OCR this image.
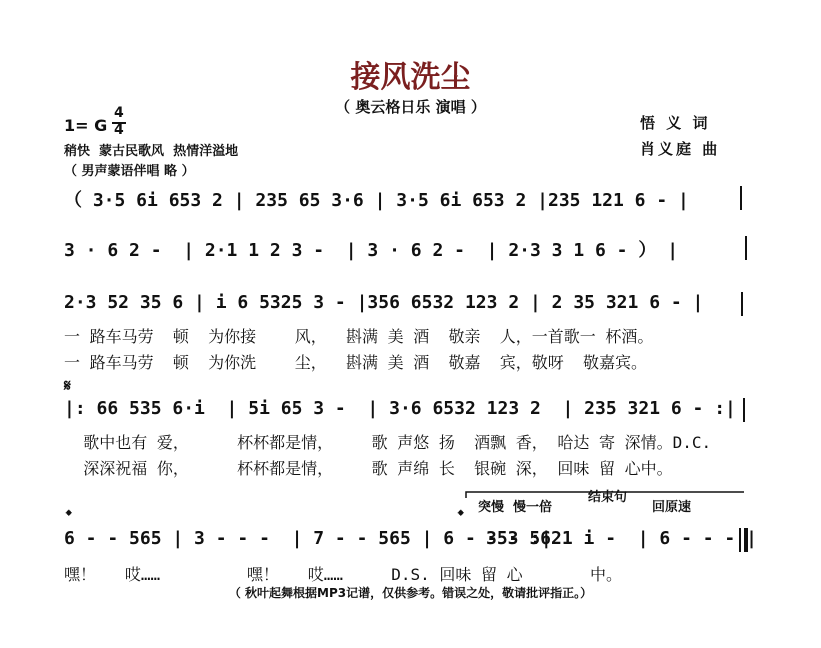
接风洗尘
（ 奥云格日乐 演唱 ）
1= G
4
4
稍快  蒙古民歌风  热情洋溢地
（ 男声蒙语伴唱 略 ）
悟 义 词
肖义庭 曲
（ 3·5 6i 653 2 | 235 65 3·6 | 3·5 6i 653 2 |235 121 6 - |
3 · 6 2 -  | 2·1 1 2 3 -  | 3 · 6 2 -  | 2·3 3 1 6 - ） |
2·3 52 35 6 | i 6 5325 3 - |356 6532 123 2 | 2 35 321 6 - |
一 路车马劳  顿  为你接    风，  斟满 美 酒  敬亲  人，一首歌一 杯酒。
一 路车马劳  顿  为你洗    尘，  斟满 美 酒  敬嘉  宾，敬呀  敬嘉宾。
𝄋
|: 66 535 6·i  | 5i 65 3 -  | 3·6 6532 123 2  | 235 321 6 - :|
歌中也有 爱，     杯杯都是情，    歌 声悠 扬  酒飘 香， 哈达 寄 深情。D.C.
深深祝福 你，     杯杯都是情，    歌 声绵 长  银碗 深， 回味 留 心中。
结束句
突慢  慢一倍	回原速
𝄌	𝄌
6 - - 565 | 3 - - -  | 7 - - 565 | 6 - - - :|
353 5621 i -  | 6 - - - |
嘿！   哎……         嘿！   哎……     D.S. 回味 留 心       中。
（ 秋叶起舞根据MP3记谱，仅供参考。错误之处，敬请批评指正。）
